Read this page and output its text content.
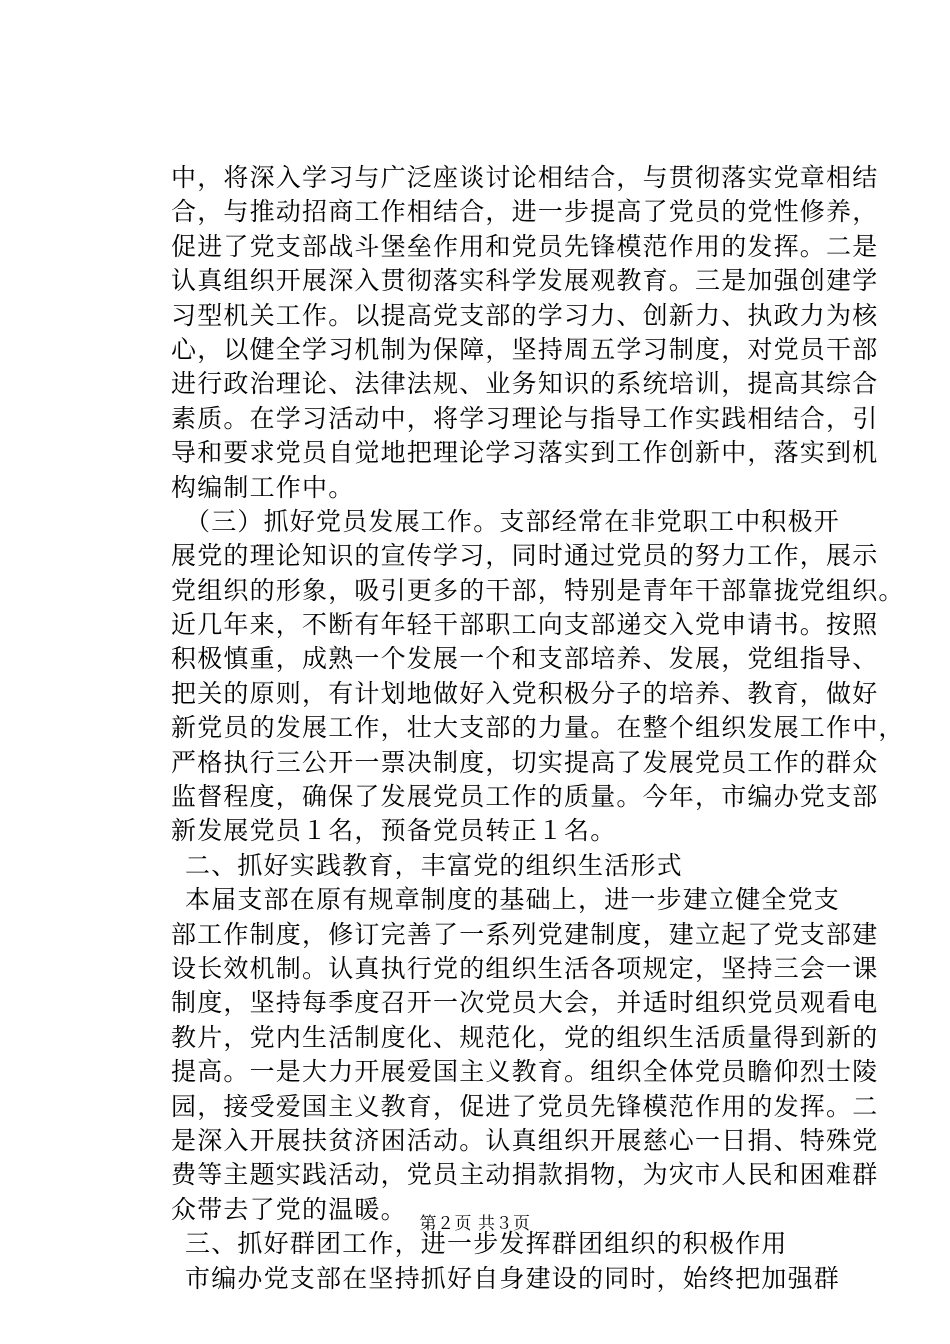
中，将深入学习与广泛座谈讨论相结合，与贯彻落实党章相结
合，与推动招商工作相结合，进一步提高了党员的党性修养，
促进了党支部战斗堡垒作用和党员先锋模范作用的发挥。二是
认真组织开展深入贯彻落实科学发展观教育。三是加强创建学
习型机关工作。以提高党支部的学习力、创新力、执政力为核
心，以健全学习机制为保障，坚持周五学习制度，对党员干部
进行政治理论、法律法规、业务知识的系统培训，提高其综合
素质。在学习活动中，将学习理论与指导工作实践相结合，引
导和要求党员自觉地把理论学习落实到工作创新中，落实到机
构编制工作中。
（三）抓好党员发展工作。支部经常在非党职工中积极开
展党的理论知识的宣传学习，同时通过党员的努力工作，展示
党组织的形象，吸引更多的干部，特别是青年干部靠拢党组织。
近几年来，不断有年轻干部职工向支部递交入党申请书。按照
积极慎重，成熟一个发展一个和支部培养、发展，党组指导、
把关的原则，有计划地做好入党积极分子的培养、教育，做好
新党员的发展工作，壮大支部的力量。在整个组织发展工作中，
严格执行三公开一票决制度，切实提高了发展党员工作的群众
监督程度，确保了发展党员工作的质量。今年，市编办党支部
新发展党员１名，预备党员转正１名。
二、抓好实践教育，丰富党的组织生活形式
本届支部在原有规章制度的基础上，进一步建立健全党支
部工作制度，修订完善了一系列党建制度，建立起了党支部建
设长效机制。认真执行党的组织生活各项规定，坚持三会一课
制度，坚持每季度召开一次党员大会，并适时组织党员观看电
教片，党内生活制度化、规范化，党的组织生活质量得到新的
提高。一是大力开展爱国主义教育。组织全体党员瞻仰烈士陵
园，接受爱国主义教育，促进了党员先锋模范作用的发挥。二
是深入开展扶贫济困活动。认真组织开展慈心一日捐、特殊党
费等主题实践活动，党员主动捐款捐物，为灾市人民和困难群
众带去了党的温暖。
三、抓好群团工作，进一步发挥群团组织的积极作用
市编办党支部在坚持抓好自身建设的同时，始终把加强群
第２页 共３页
